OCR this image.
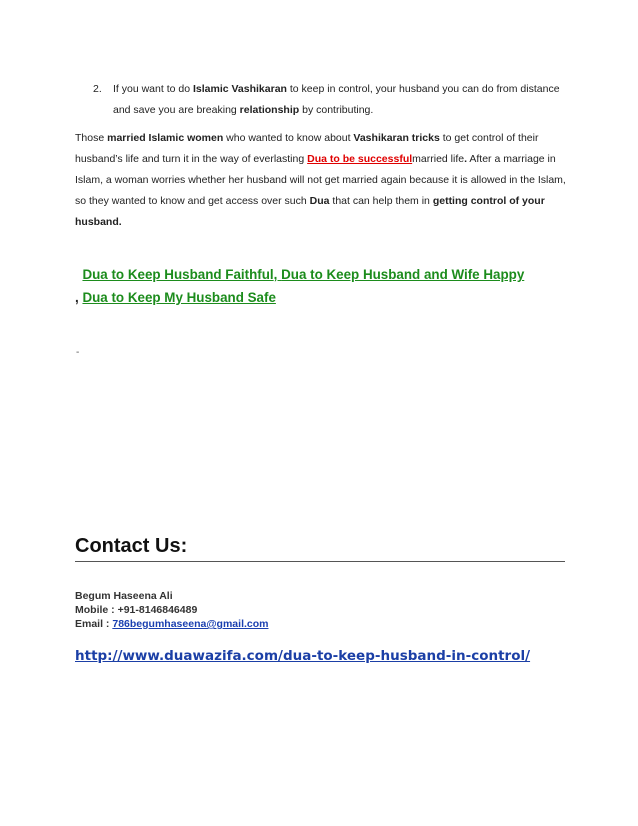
2. If you want to do Islamic Vashikaran to keep in control, your husband you can do from distance and save you are breaking relationship by contributing.
Those married Islamic women who wanted to know about Vashikaran tricks to get control of their husband’s life and turn it in the way of everlasting Dua to be successfulmarried life. After a marriage in Islam, a woman worries whether her husband will not get married again because it is allowed in the Islam, so they wanted to know and get access over such Dua that can help them in getting control of your husband.
Dua to Keep Husband Faithful, Dua to Keep Husband and Wife Happy
, Dua to Keep My Husband Safe
-
Contact Us:
Begum Haseena Ali
Mobile : +91-8146846489
Email : 786begumhaseena@gmail.com
http://www.duawazifa.com/dua-to-keep-husband-in-control/
